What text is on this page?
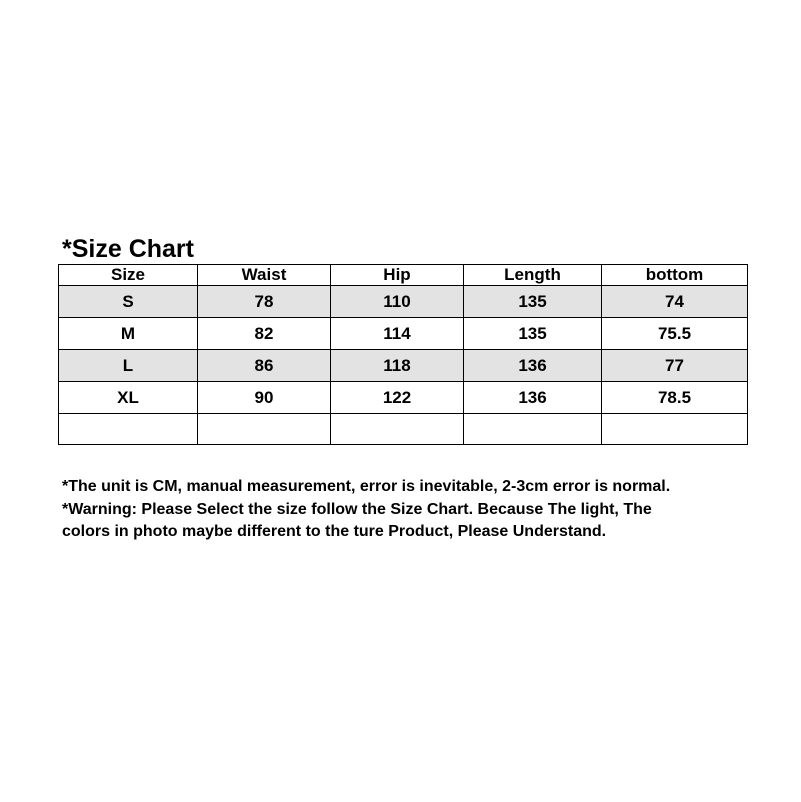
*Size Chart
Size	Waist	Hip	Length	bottom
S	78	110	135	74
M	82	114	135	75.5
L	86	118	136	77
XL	90	122	136	78.5

*The unit is CM, manual measurement, error is inevitable, 2-3cm error is normal.

*Warning: Please Select the size follow the Size Chart. Because The light, The

colors in photo maybe different to the ture Product, Please Understand.
